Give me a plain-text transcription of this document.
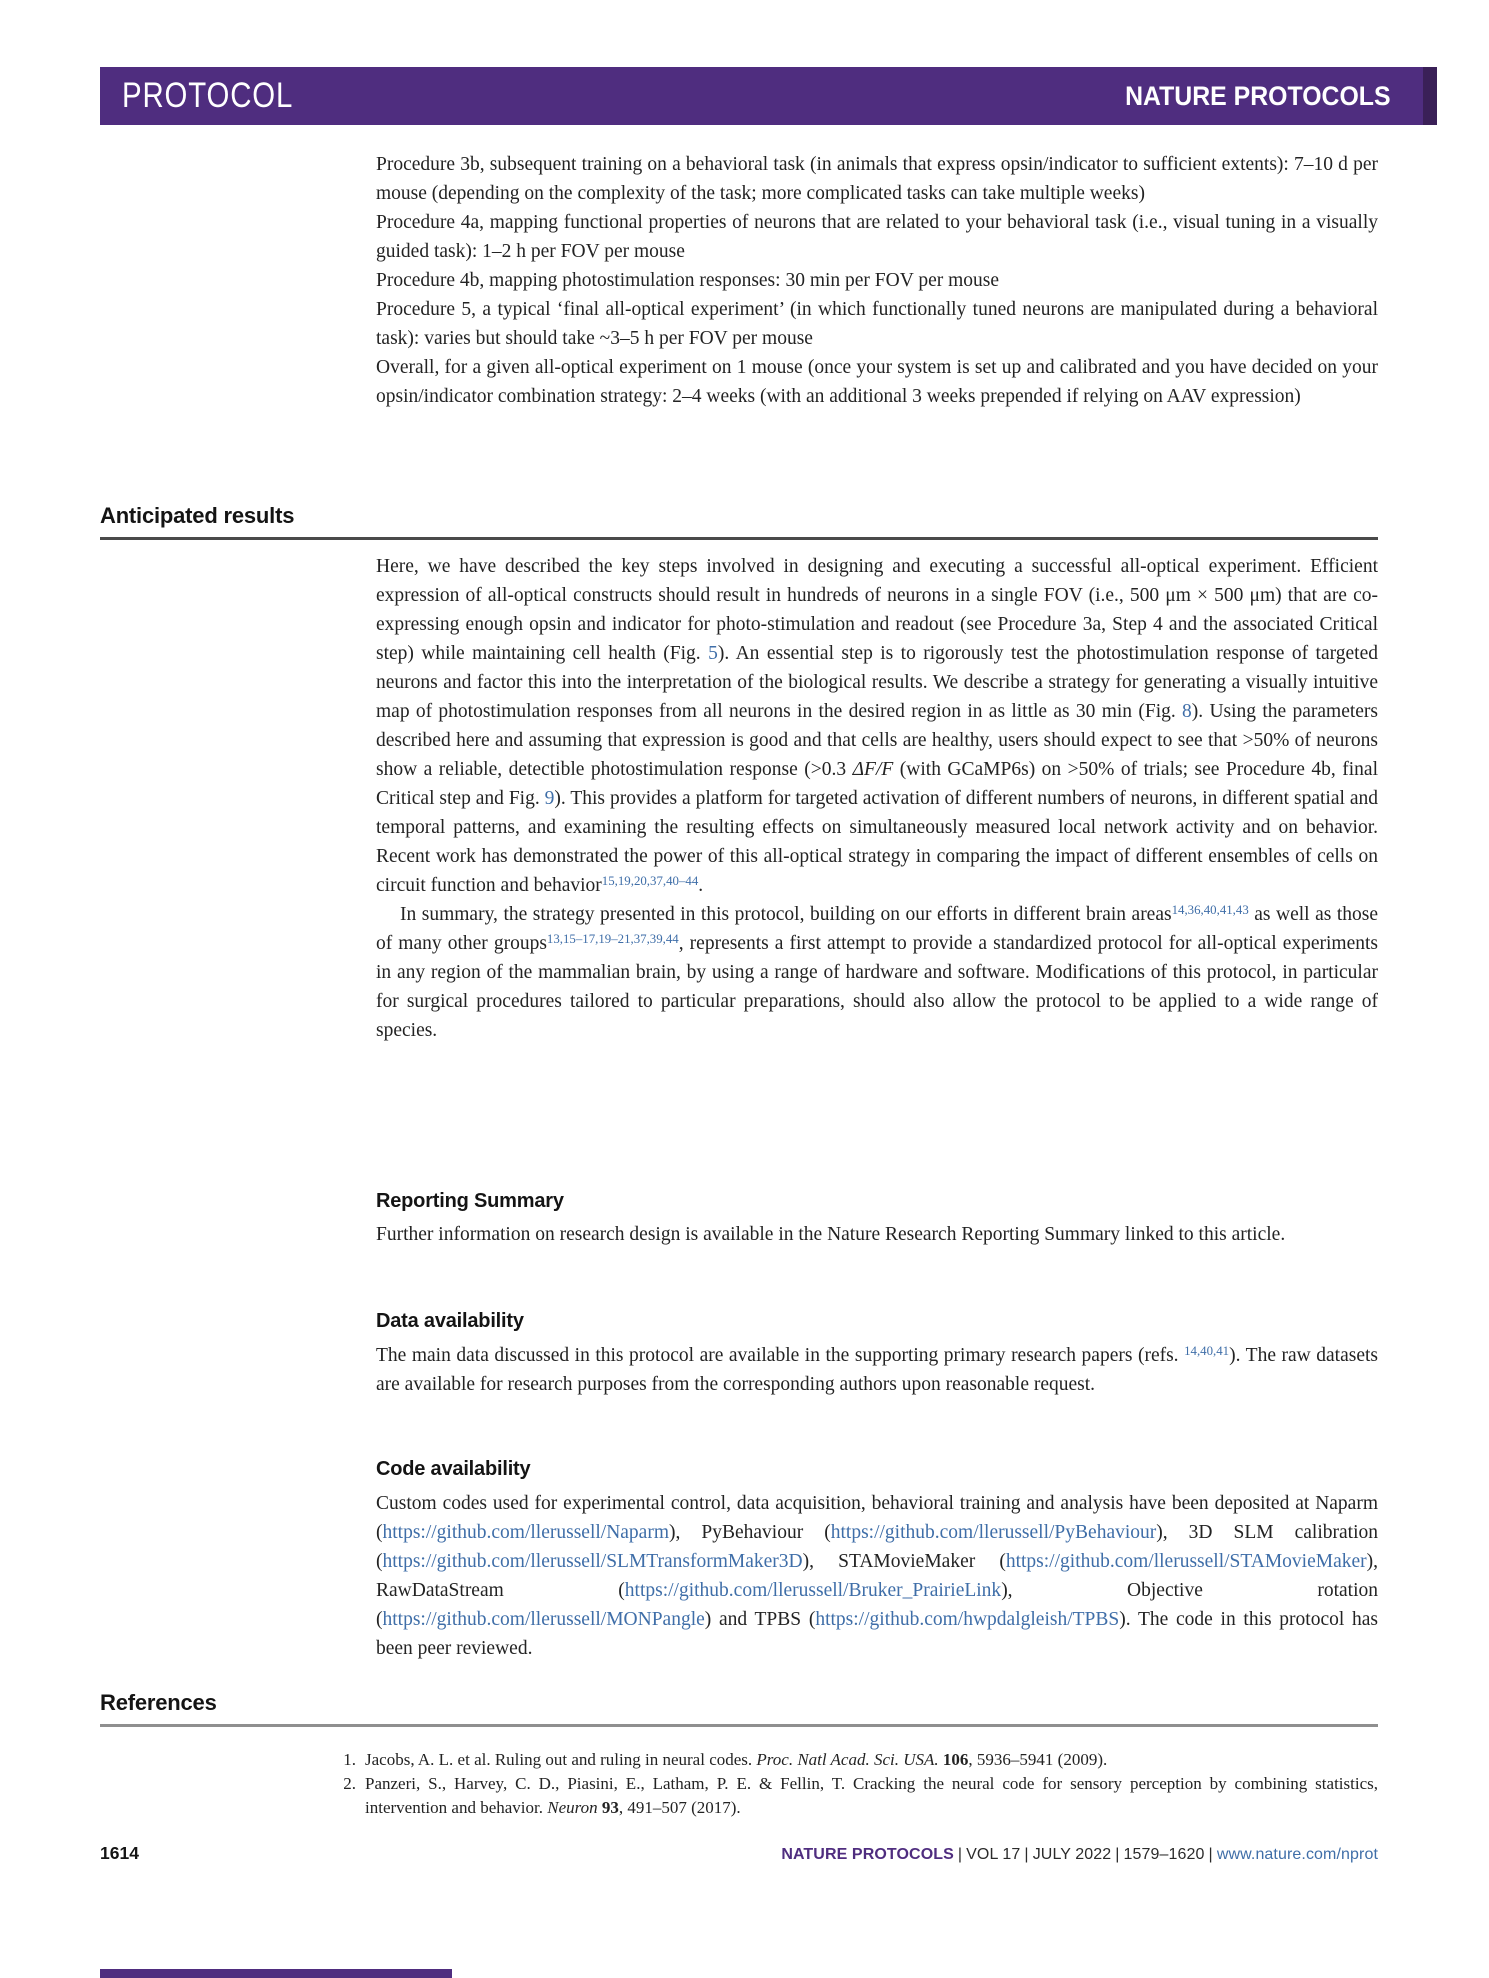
PROTOCOL	NATURE PROTOCOLS

Procedure 3b, subsequent training on a behavioral task (in animals that express opsin/indicator to sufficient extents): 7–10 d per mouse (depending on the complexity of the task; more complicated tasks can take multiple weeks)

Procedure 4a, mapping functional properties of neurons that are related to your behavioral task (i.e., visual tuning in a visually guided task): 1–2 h per FOV per mouse

Procedure 4b, mapping photostimulation responses: 30 min per FOV per mouse

Procedure 5, a typical ‘final all-optical experiment’ (in which functionally tuned neurons are manipulated during a behavioral task): varies but should take ~3–5 h per FOV per mouse

Overall, for a given all-optical experiment on 1 mouse (once your system is set up and calibrated and you have decided on your opsin/indicator combination strategy: 2–4 weeks (with an additional 3 weeks prepended if relying on AAV expression)

Anticipated results

Here, we have described the key steps involved in designing and executing a successful all-optical experiment. Efficient expression of all-optical constructs should result in hundreds of neurons in a single FOV (i.e., 500 μm × 500 μm) that are co-expressing enough opsin and indicator for photo-stimulation and readout (see Procedure 3a, Step 4 and the associated Critical step) while maintaining cell health (Fig. 5). An essential step is to rigorously test the photostimulation response of targeted neurons and factor this into the interpretation of the biological results. We describe a strategy for generating a visually intuitive map of photostimulation responses from all neurons in the desired region in as little as 30 min (Fig. 8). Using the parameters described here and assuming that expression is good and that cells are healthy, users should expect to see that >50% of neurons show a reliable, detectible photostimulation response (>0.3 ΔF/F (with GCaMP6s) on >50% of trials; see Procedure 4b, final Critical step and Fig. 9). This provides a platform for targeted activation of different numbers of neurons, in different spatial and temporal patterns, and examining the resulting effects on simultaneously measured local network activity and on behavior. Recent work has demonstrated the power of this all-optical strategy in comparing the impact of different ensembles of cells on circuit function and behavior$^{15,19,20,37,40-44}$.

In summary, the strategy presented in this protocol, building on our efforts in different brain areas$^{14,36,40,41,43}$ as well as those of many other groups$^{13,15-17,19-21,37,39,44}$, represents a first attempt to provide a standardized protocol for all-optical experiments in any region of the mammalian brain, by using a range of hardware and software. Modifications of this protocol, in particular for surgical procedures tailored to particular preparations, should also allow the protocol to be applied to a wide range of species.

Reporting Summary

Further information on research design is available in the Nature Research Reporting Summary linked to this article.

Data availability

The main data discussed in this protocol are available in the supporting primary research papers (refs. $^{14,40,41}$). The raw datasets are available for research purposes from the corresponding authors upon reasonable request.

Code availability

Custom codes used for experimental control, data acquisition, behavioral training and analysis have been deposited at Naparm (https://github.com/llerussell/Naparm), PyBehaviour (https://github.com/llerussell/PyBehaviour), 3D SLM calibration (https://github.com/llerussell/SLMTransformMaker3D), STAMovieMaker (https://github.com/llerussell/STAMovieMaker), RawDataStream (https://github.com/llerussell/Bruker_PrairieLink), Objective rotation (https://github.com/llerussell/MONPangle) and TPBS (https://github.com/hwpdalgleish/TPBS). The code in this protocol has been peer reviewed.

References
1. Jacobs, A. L. et al. Ruling out and ruling in neural codes. Proc. Natl Acad. Sci. USA. 106, 5936–5941 (2009).
2. Panzeri, S., Harvey, C. D., Piasini, E., Latham, P. E. & Fellin, T. Cracking the neural code for sensory perception by combining statistics, intervention and behavior. Neuron 93, 491–507 (2017).
1614	NATURE PROTOCOLS | VOL 17 | JULY 2022 | 1579–1620 | www.nature.com/nprot
